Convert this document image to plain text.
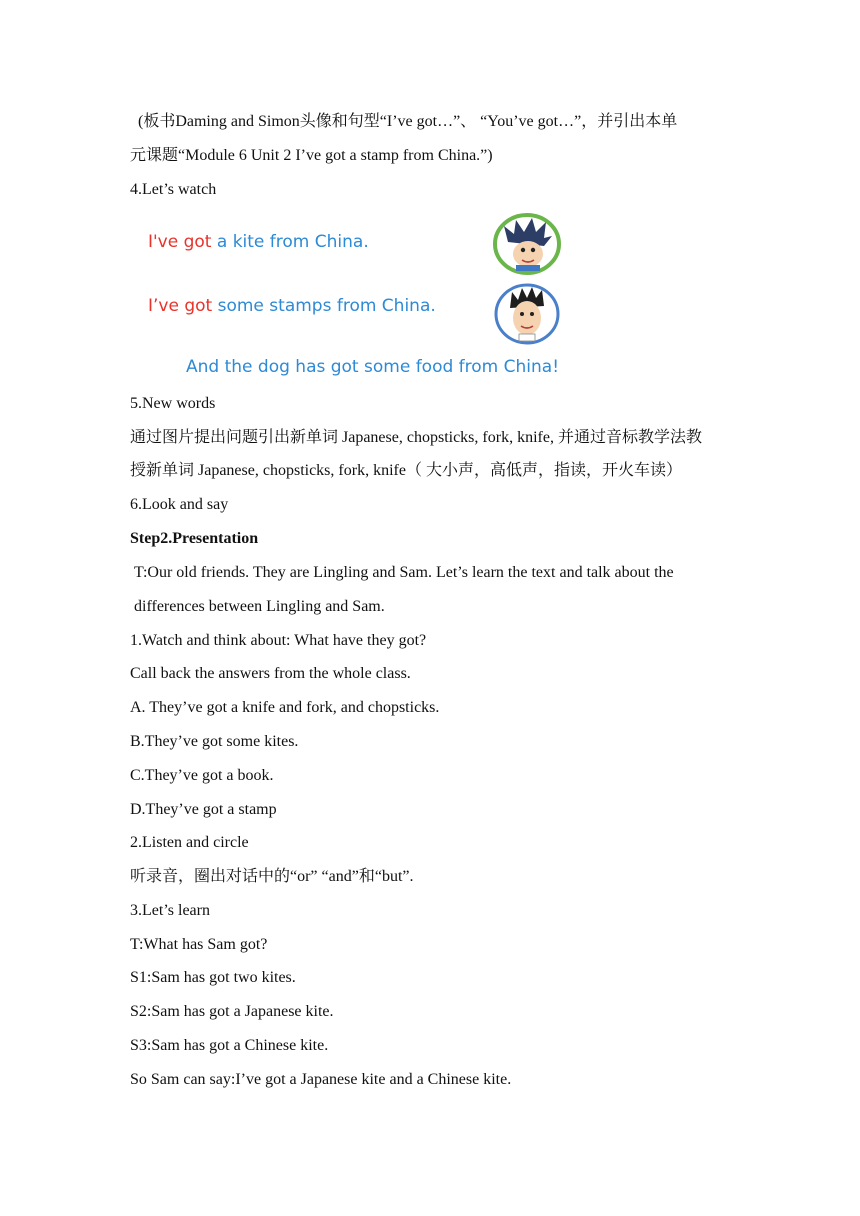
(板书Daming and Simon头像和句型“I’ve got…”、 “You’ve got…”，并引出本单
元课题“Module 6 Unit 2 I’ve got a stamp from China.”)
4.Let’s watch
I've got a kite from China.
I’ve got some stamps from China.
And the dog has got some food from China!
5.New words
通过图片提出问题引出新单词 Japanese, chopsticks, fork, knife, 并通过音标教学法教
授新单词 Japanese, chopsticks, fork, knife（ 大小声，高低声，指读，开火车读）
6.Look and say
Step2.Presentation
T:Our old friends. They are Lingling and Sam. Let’s learn the text and talk about the
differences between Lingling and Sam.
1.Watch and think about: What have they got?
Call back the answers from the whole class.
A. They’ve got a knife and fork, and chopsticks.
B.They’ve got some kites.
C.They’ve got a book.
D.They’ve got a stamp
2.Listen and circle
听录音，圈出对话中的“or” “and”和“but”.
3.Let’s learn
T:What has Sam got?
S1:Sam has got two kites.
S2:Sam has got a Japanese kite.
S3:Sam has got a Chinese kite.
So Sam can say:I’ve got a Japanese kite and a Chinese kite.
